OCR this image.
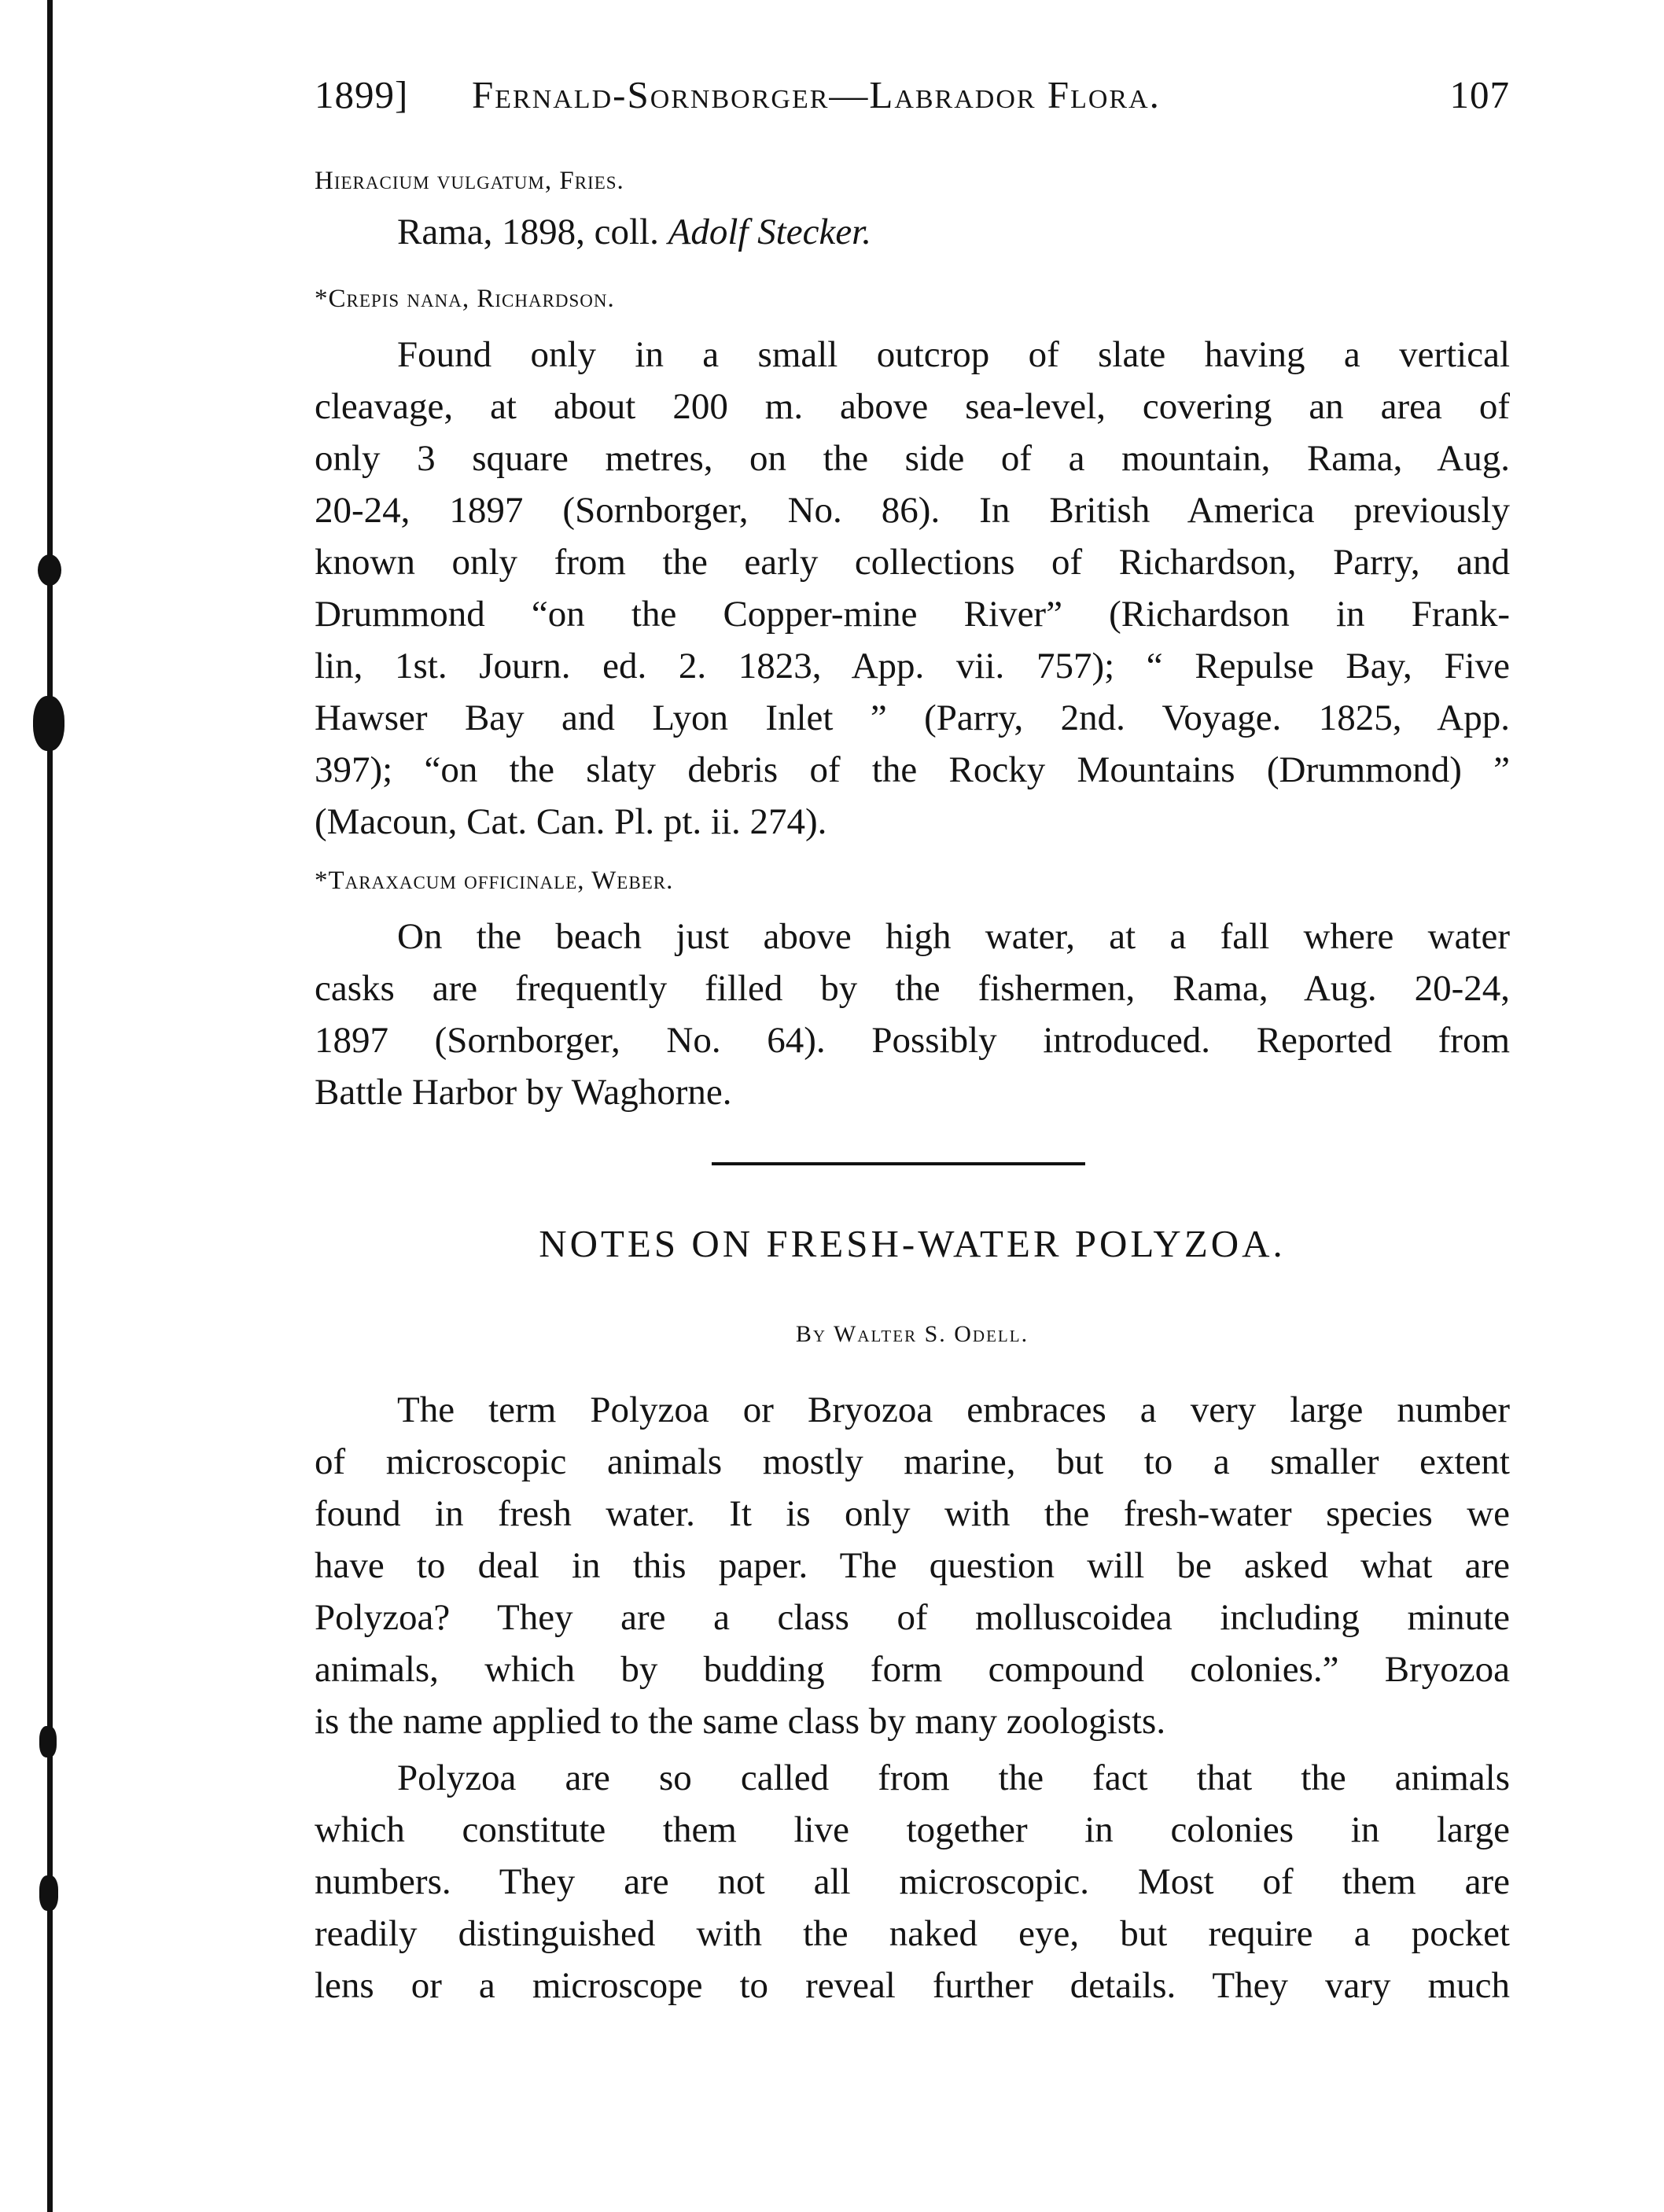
1899] Fernald-Sornborger—Labrador Flora.	107
Hieracium vulgatum, Fries.

Rama, 1898, coll. Adolf Stecker.

*Crepis nana, Richardson.

Found only in a small outcrop of slate having a vertical

cleavage, at about 200 m. above sea-level, covering an area of

only 3 square metres, on the side of a mountain, Rama, Aug.

20-24, 1897 (Sornborger, No. 86). In British America previously

known only from the early collections of Richardson, Parry, and

Drummond “on the Copper-mine River” (Richardson in Frank-

lin, 1st. Journ. ed. 2. 1823, App. vii. 757); “ Repulse Bay, Five

Hawser Bay and Lyon Inlet ” (Parry, 2nd. Voyage. 1825, App.

397); “on the slaty debris of the Rocky Mountains (Drummond) ”

(Macoun, Cat. Can. Pl. pt. ii. 274).

*Taraxacum officinale, Weber.

On the beach just above high water, at a fall where water

casks are frequently filled by the fishermen, Rama, Aug. 20-24,

1897 (Sornborger, No. 64). Possibly introduced. Reported from

Battle Harbor by Waghorne.

NOTES ON FRESH-WATER POLYZOA.
By Walter S. Odell.

The term Polyzoa or Bryozoa embraces a very large number

of microscopic animals mostly marine, but to a smaller extent

found in fresh water. It is only with the fresh-water species we

have to deal in this paper. The question will be asked what are

Polyzoa? They are a class of molluscoidea including minute

animals, which by budding form compound colonies.” Bryozoa

is the name applied to the same class by many zoologists.

Polyzoa are so called from the fact that the animals

which constitute them live together in colonies in large

numbers. They are not all microscopic. Most of them are

readily distinguished with the naked eye, but require a pocket

lens or a microscope to reveal further details. They vary much
